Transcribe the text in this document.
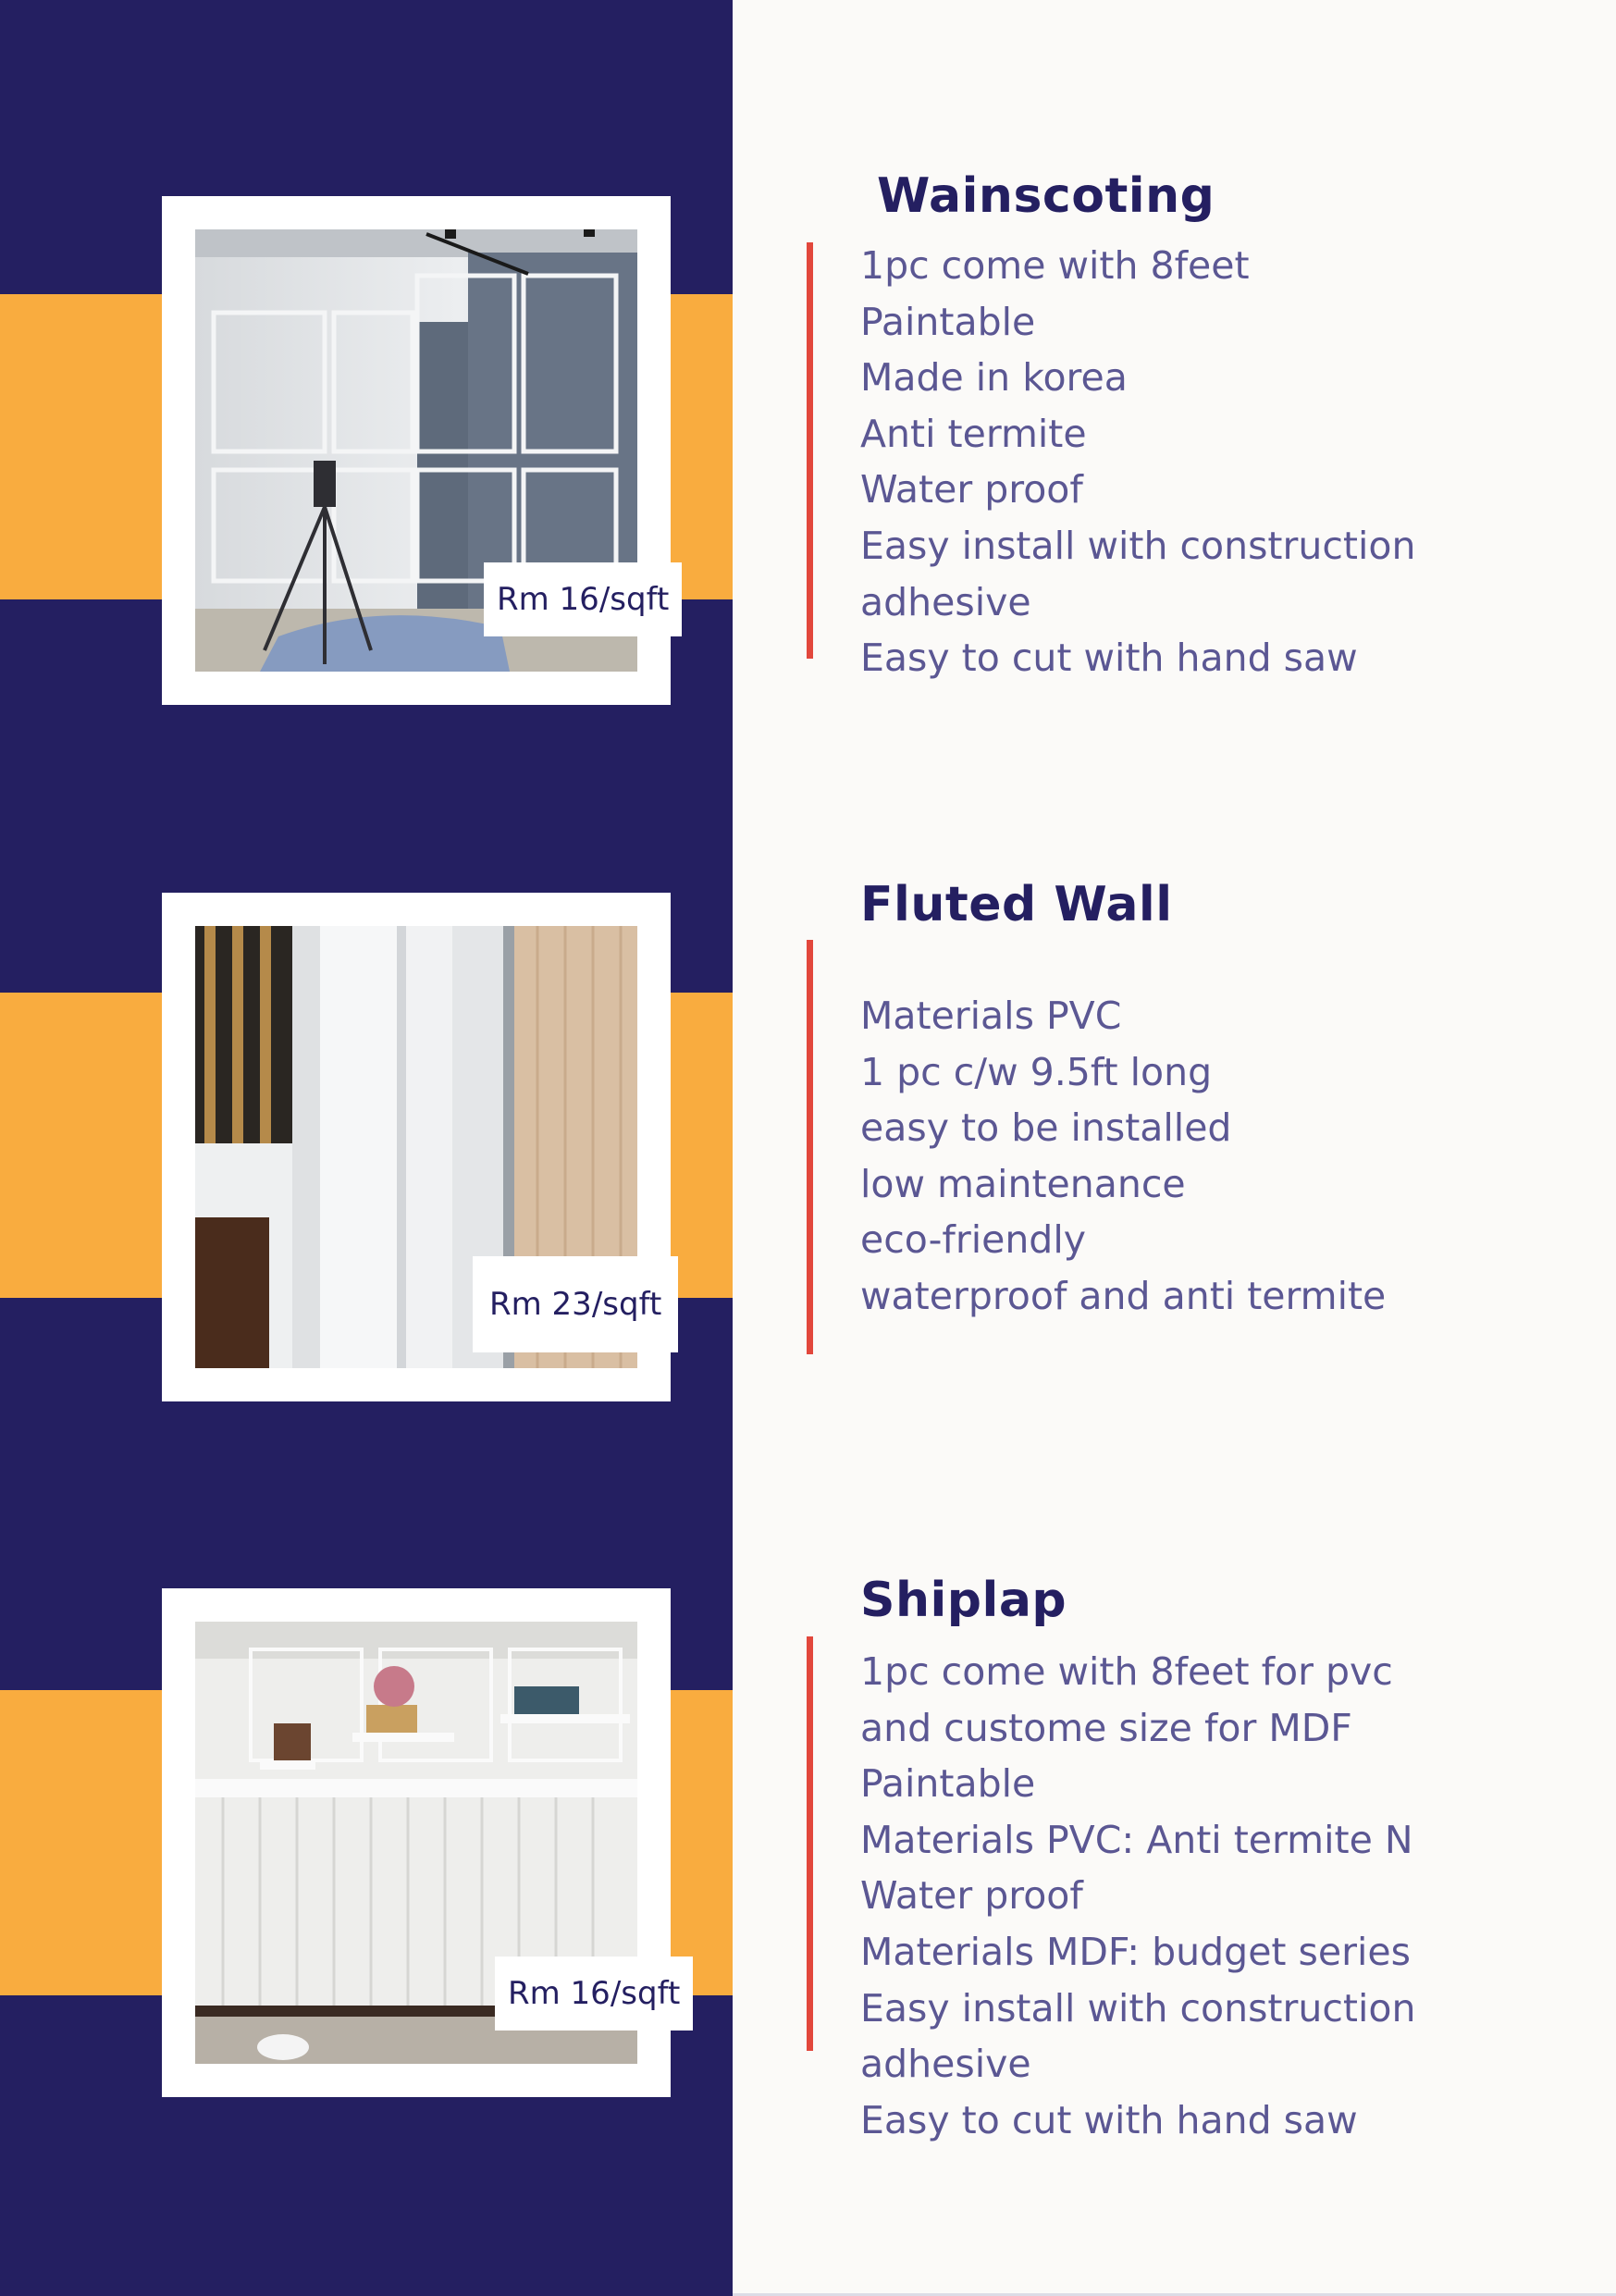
Rm 16/sqft
Wainscoting
1pc come with 8feet
Paintable
Made in korea
Anti termite
Water proof
Easy install with construction
adhesive
Easy to cut with hand saw
Rm 23/sqft
Fluted Wall
Materials PVC
1 pc c/w 9.5ft long
easy to be installed
low maintenance
eco-friendly
waterproof and anti termite
Rm 16/sqft
Shiplap
1pc come with 8feet for pvc
and custome size for MDF
Paintable
Materials PVC: Anti termite N
Water proof
Materials MDF: budget series
Easy install with construction
adhesive
Easy to cut with hand saw
